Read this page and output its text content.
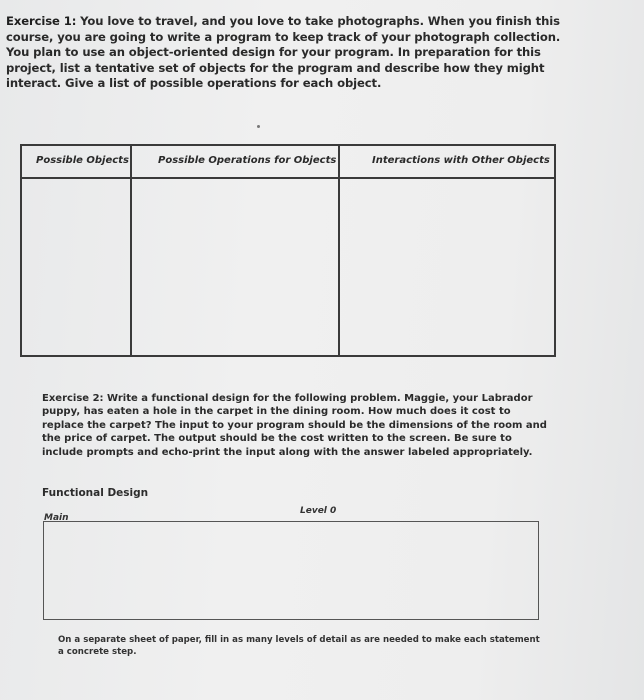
Exercise 1: You love to travel, and you love to take photographs. When you finish this course, you are going to write a program to keep track of your photograph collection. You plan to use an object-oriented design for your program. In preparation for this project, list a tentative set of objects for the program and describe how they might interact. Give a list of possible operations for each object.
Possible Objects	Possible Operations for Objects	Interactions with Other Objects
Exercise 2: Write a functional design for the following problem. Maggie, your Labrador puppy, has eaten a hole in the carpet in the dining room. How much does it cost to replace the carpet? The input to your program should be the dimensions of the room and the price of carpet. The output should be the cost written to the screen. Be sure to include prompts and echo-print the input along with the answer labeled appropriately.
Functional Design
Main
Level 0
On a separate sheet of paper, fill in as many levels of detail as are needed to make each statement a concrete step.
